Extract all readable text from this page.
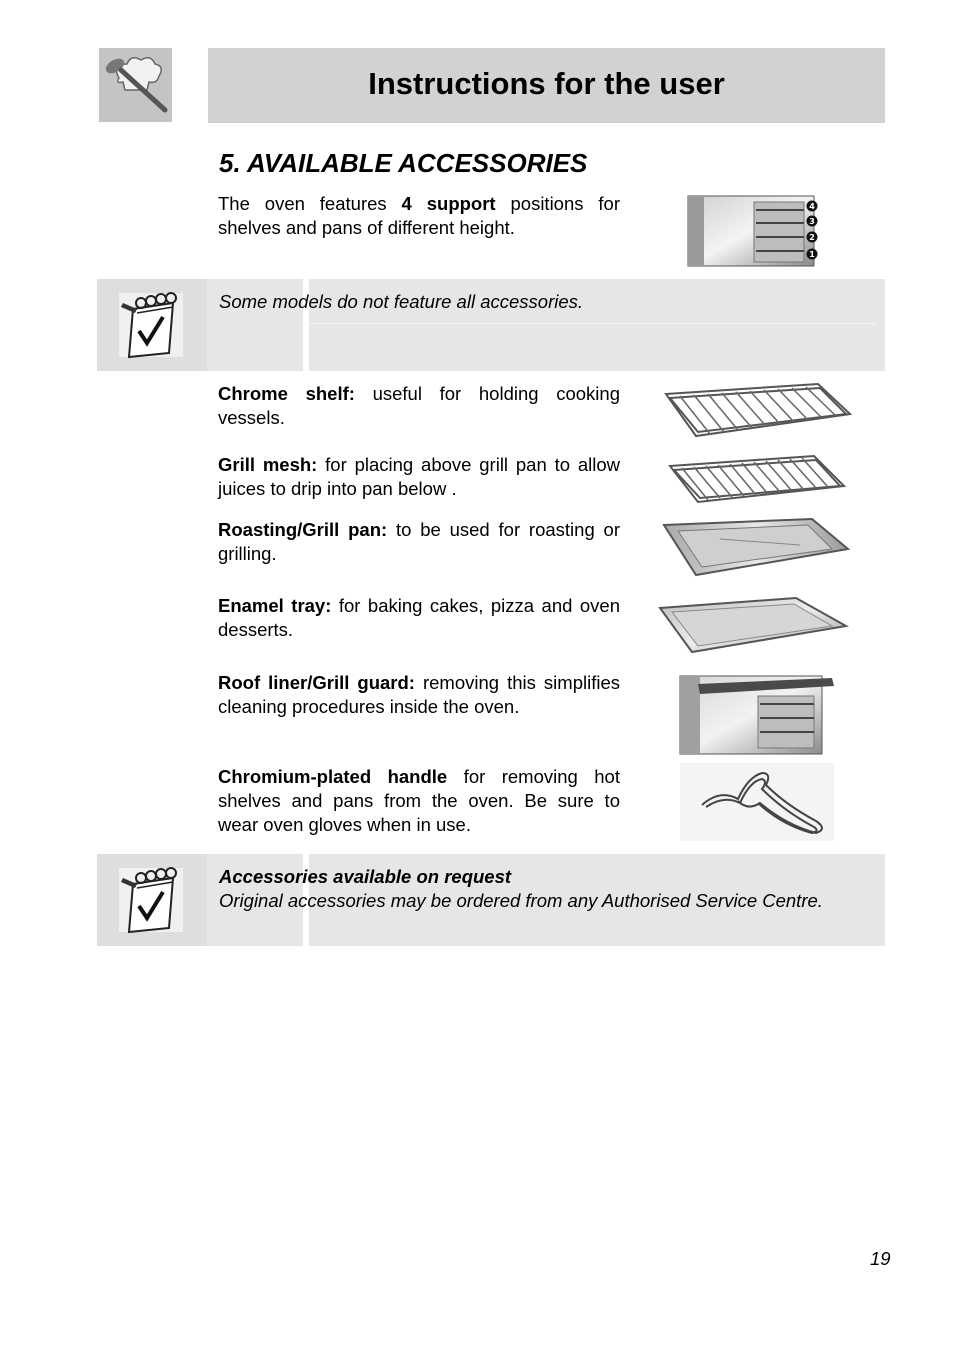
Instructions for the user
5. AVAILABLE ACCESSORIES
The oven features 4 support positions for shelves and pans of different height.
4
3
2
1
Some models do not feature all accessories.
Chrome shelf: useful for holding cooking vessels.
Grill mesh: for placing above grill pan to allow juices to drip into pan below .
Roasting/Grill pan: to be used for roasting or grilling.
Enamel tray: for baking cakes, pizza and oven desserts.
Roof liner/Grill guard: removing this simplifies cleaning procedures inside the oven.
Chromium-plated handle for removing hot shelves and pans from the oven. Be sure to wear oven gloves when in use.
Accessories available on request
Original accessories may be ordered from any Authorised Service Centre.
19
